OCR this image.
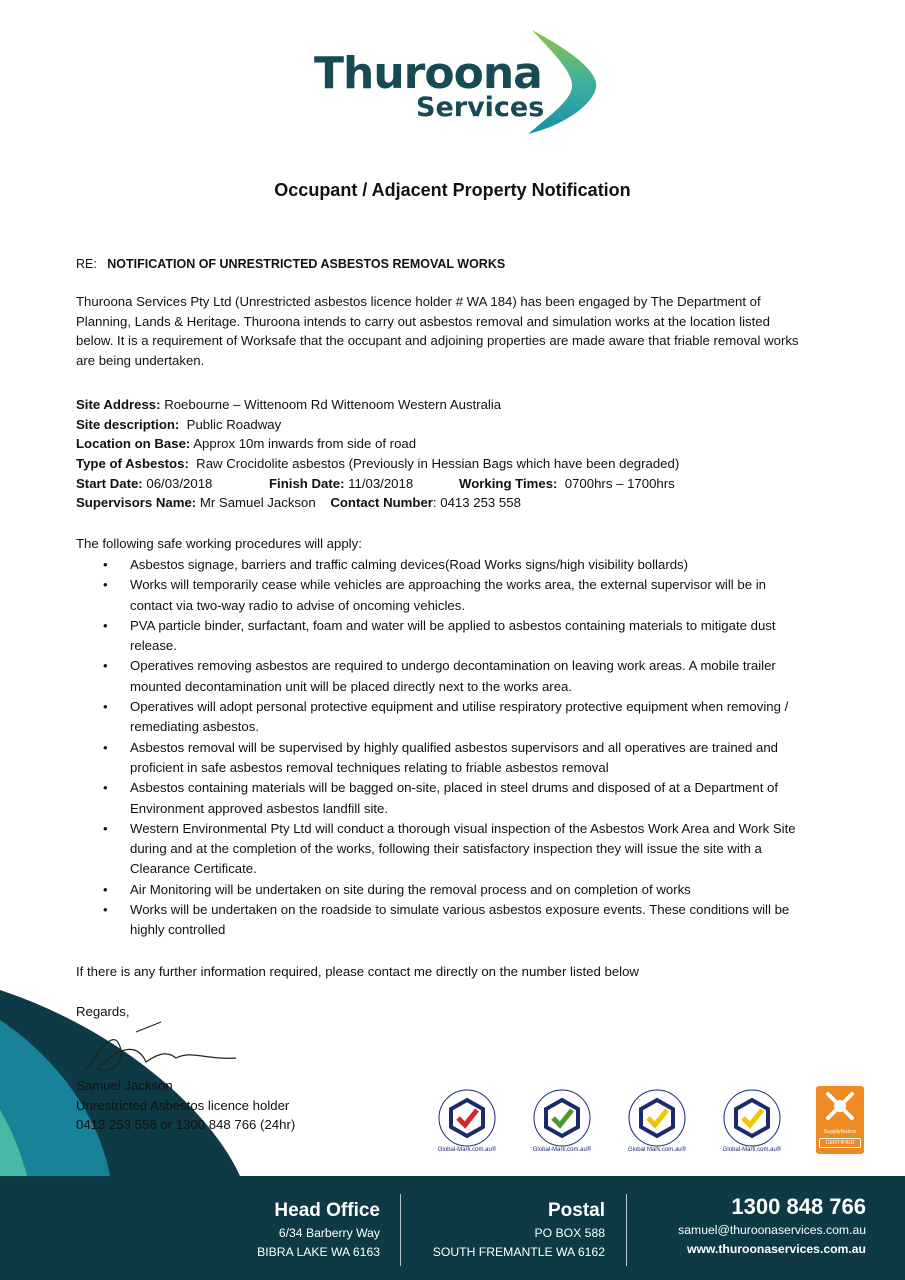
Thuroona
Services
Occupant / Adjacent Property Notification
RE: NOTIFICATION OF UNRESTRICTED ASBESTOS REMOVAL WORKS
Thuroona Services Pty Ltd (Unrestricted asbestos licence holder # WA 184) has been engaged by The Department of Planning, Lands & Heritage. Thuroona intends to carry out asbestos removal and simulation works at the location listed below. It is a requirement of Worksafe that the occupant and adjoining properties are made aware that friable removal works are being undertaken.
Site Address: Roebourne – Wittenoom Rd Wittenoom Western Australia
Site description: Public Roadway
Location on Base: Approx 10m inwards from side of road
Type of Asbestos: Raw Crocidolite asbestos (Previously in Hessian Bags which have been degraded)
Start Date: 06/03/2018	Finish Date: 11/03/2018	Working Times: 0700hrs – 1700hrs
Supervisors Name: Mr Samuel Jackson Contact Number: 0413 253 558
The following safe working procedures will apply:
• Asbestos signage, barriers and traffic calming devices(Road Works signs/high visibility bollards)
• Works will temporarily cease while vehicles are approaching the works area, the external supervisor will be in contact via two-way radio to advise of oncoming vehicles.
• PVA particle binder, surfactant, foam and water will be applied to asbestos containing materials to mitigate dust release.
• Operatives removing asbestos are required to undergo decontamination on leaving work areas. A mobile trailer mounted decontamination unit will be placed directly next to the works area.
• Operatives will adopt personal protective equipment and utilise respiratory protective equipment when removing / remediating asbestos.
• Asbestos removal will be supervised by highly qualified asbestos supervisors and all operatives are trained and proficient in safe asbestos removal techniques relating to friable asbestos removal
• Asbestos containing materials will be bagged on-site, placed in steel drums and disposed of at a Department of Environment approved asbestos landfill site.
• Western Environmental Pty Ltd will conduct a thorough visual inspection of the Asbestos Work Area and Work Site during and at the completion of the works, following their satisfactory inspection they will issue the site with a Clearance Certificate.
• Air Monitoring will be undertaken on site during the removal process and on completion of works
• Works will be undertaken on the roadside to simulate various asbestos exposure events. These conditions will be highly controlled
If there is any further information required, please contact me directly on the number listed below
Regards,
Samuel Jackson
Unrestricted Asbestos licence holder
0413 253 558 or 1300 848 766 (24hr)
Global-Mark.com.au®	Global-Mark.com.au®	Global Mark.com.au®	Global-Mark.com.au®
SupplyNation
CERTIFIED
Head Office
6/34 Barberry Way
BIBRA LAKE WA 6163
Postal
PO BOX 588
SOUTH FREMANTLE WA 6162
1300 848 766
samuel@thuroonaservices.com.au
www.thuroonaservices.com.au
